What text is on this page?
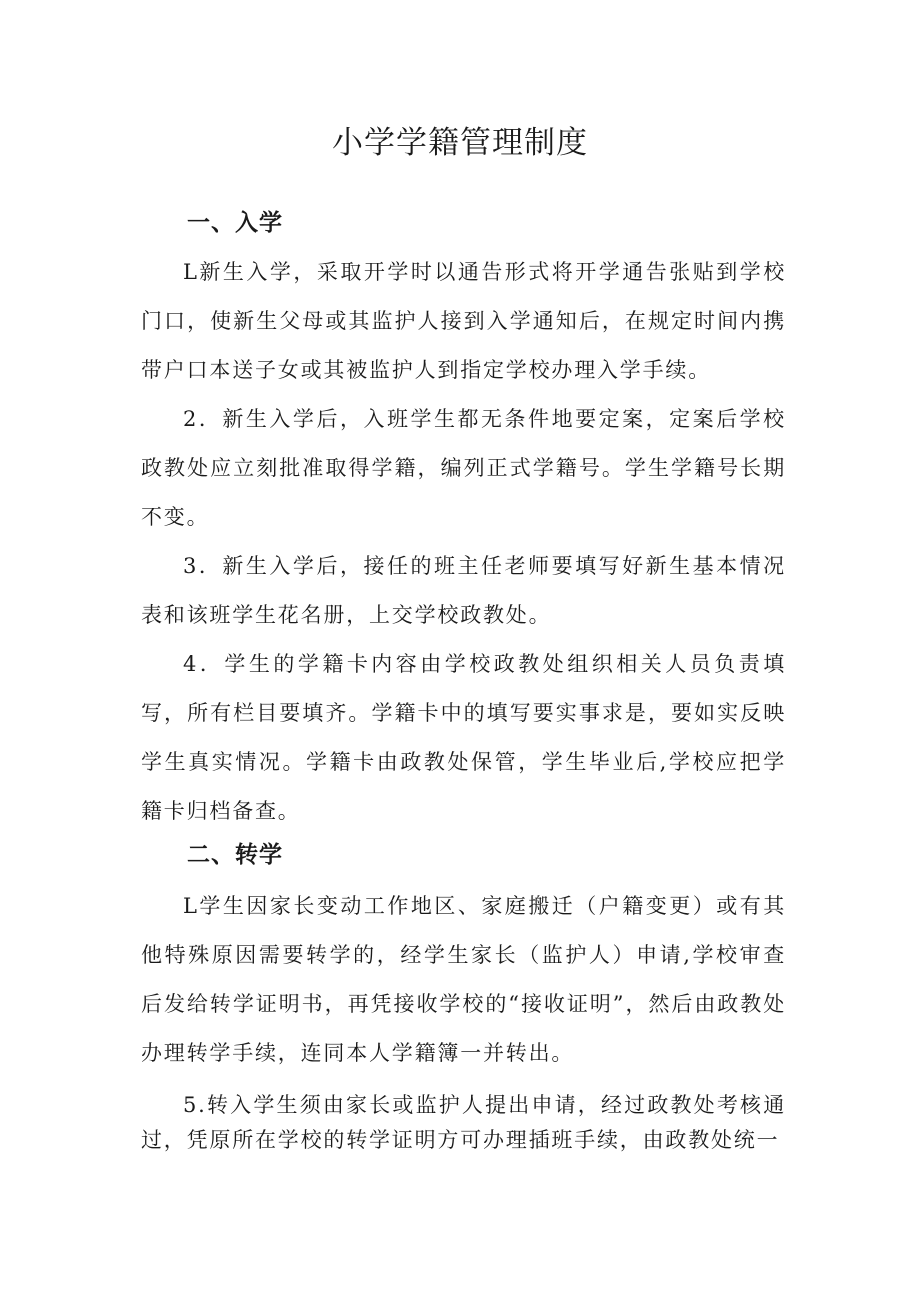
小学学籍管理制度
一、入学

L新生入学，采取开学时以通告形式将开学通告张贴到学校门口，使新生父母或其监护人接到入学通知后，在规定时间内携带户口本送子女或其被监护人到指定学校办理入学手续。

2．新生入学后，入班学生都无条件地要定案，定案后学校政教处应立刻批准取得学籍，编列正式学籍号。学生学籍号长期不变。

3．新生入学后，接任的班主任老师要填写好新生基本情况表和该班学生花名册，上交学校政教处。

4．学生的学籍卡内容由学校政教处组织相关人员负责填写，所有栏目要填齐。学籍卡中的填写要实事求是，要如实反映学生真实情况。学籍卡由政教处保管，学生毕业后,学校应把学籍卡归档备查。

二、转学

L学生因家长变动工作地区、家庭搬迁（户籍变更）或有其他特殊原因需要转学的，经学生家长（监护人）申请,学校审查后发给转学证明书，再凭接收学校的“接收证明”，然后由政教处办理转学手续，连同本人学籍簿一并转出。

5.转入学生须由家长或监护人提出申请，经过政教处考核通过，凭原所在学校的转学证明方可办理插班手续，由政教处统一
